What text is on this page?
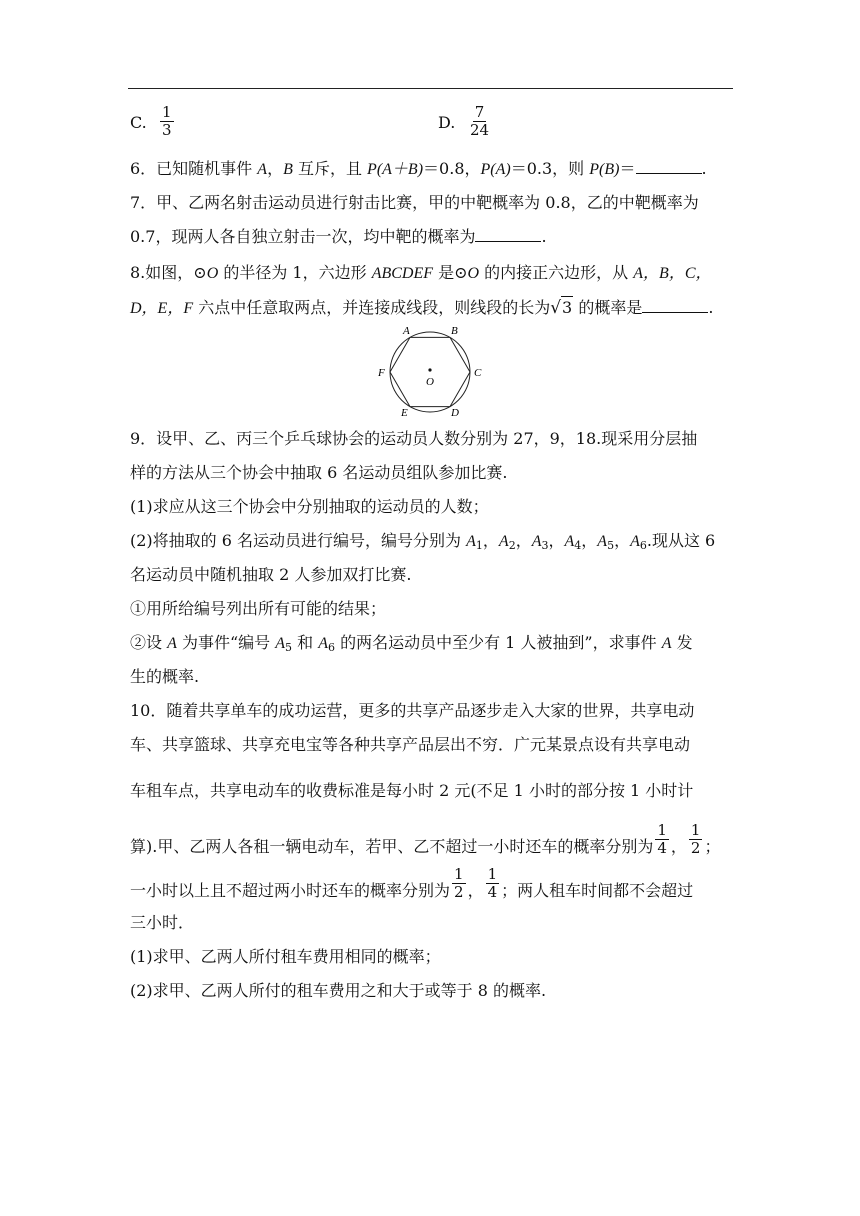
C. $\frac{1}{3}$	D. $\frac{7}{24}$
6．已知随机事件 A，B 互斥，且 P(A＋B)＝0.8，P(A)＝0.3，则 P(B)＝	.
7．甲、乙两名射击运动员进行射击比赛，甲的中靶概率为 0.8，乙的中靶概率为
0.7，现两人各自独立射击一次，均中靶的概率为	.
8.如图，⊙O 的半径为 1，六边形 ABCDEF 是⊙O 的内接正六边形，从 A，B，C，
D，E，F 六点中任意取两点，并连接成线段，则线段的长为 √ 3 的概率是	.
A	B
C
D
E
F
O
9．设甲、乙、丙三个乒乓球协会的运动员人数分别为 27，9，18.现采用分层抽
样的方法从三个协会中抽取 6 名运动员组队参加比赛.
(1)求应从这三个协会中分别抽取的运动员的人数；
(2)将抽取的 6 名运动员进行编号，编号分别为 $A_1$，$A_2$，$A_3$，$A_4$，$A_5$，$A_6$.现从这 6
名运动员中随机抽取 2 人参加双打比赛.
①用所给编号列出所有可能的结果；
②设 A 为事件“编号 $A_5$ 和 $A_6$ 的两名运动员中至少有 1 人被抽到”，求事件 A 发
生的概率.
10．随着共享单车的成功运营，更多的共享产品逐步走入大家的世界，共享电动
车、共享篮球、共享充电宝等各种共享产品层出不穷．广元某景点设有共享电动
车租车点，共享电动车的收费标准是每小时 2 元(不足 1 小时的部分按 1 小时计
算).甲、乙两人各租一辆电动车，若甲、乙不超过一小时还车的概率分别为 $\frac{1}{4}$ ， $\frac{1}{2}$ ；
一小时以上且不超过两小时还车的概率分别为 $\frac{1}{2}$ ， $\frac{1}{4}$ ；两人租车时间都不会超过
三小时．
(1)求甲、乙两人所付租车费用相同的概率；
(2)求甲、乙两人所付的租车费用之和大于或等于 8 的概率.
